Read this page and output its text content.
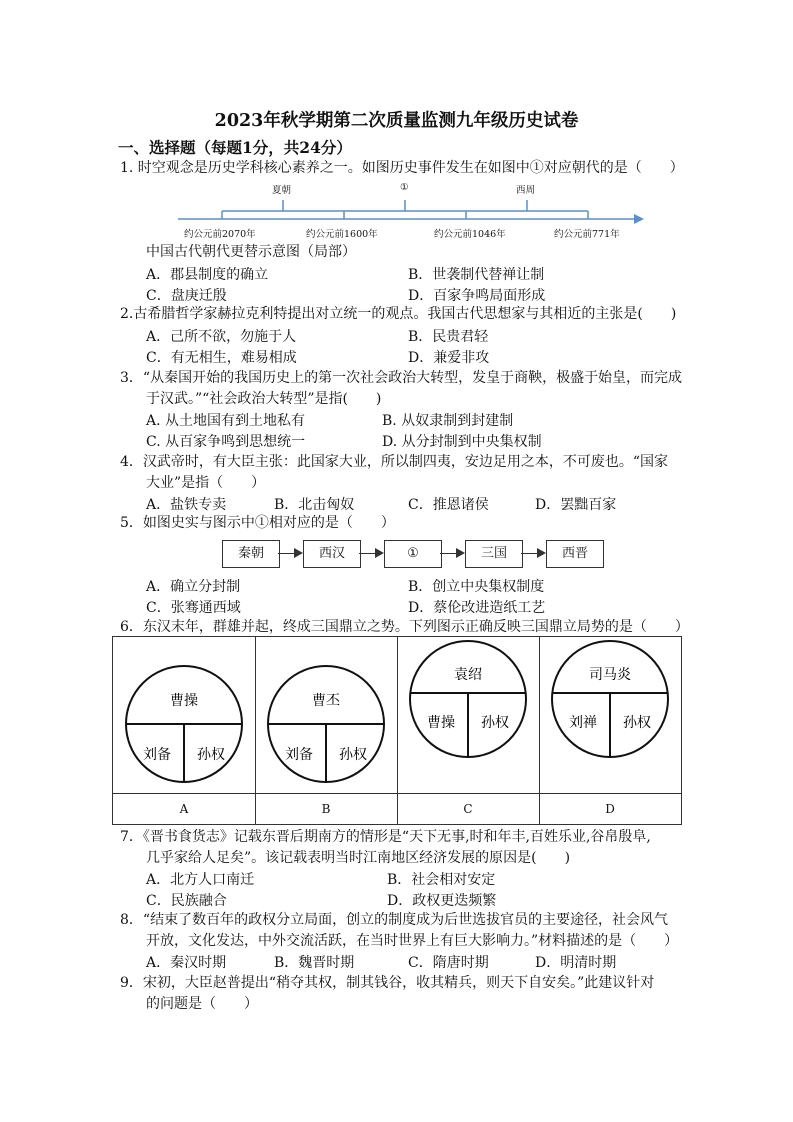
2023年秋学期第二次质量监测九年级历史试卷
一、选择题（每题1分，共24分）
1. 时空观念是历史学科核心素养之一。如图历史事件发生在如图中①对应朝代的是（　　）
夏朝	①	西周
约公元前2070年	约公元前1600年	约公元前1046年	约公元前771年
中国古代朝代更替示意图（局部）
A．郡县制度的确立	B．世袭制代替禅让制
C．盘庚迁殷	D．百家争鸣局面形成
2.古希腊哲学家赫拉克利特提出对立统一的观点。我国古代思想家与其相近的主张是(　　)
A．己所不欲，勿施于人	B．民贵君轻
C．有无相生，难易相成	D．兼爱非攻
3．“从秦国开始的我国历史上的第一次社会政治大转型，发皇于商鞅，极盛于始皇，而完成
于汉武。”“社会政治大转型”是指(　　)
A. 从土地国有到土地私有	B. 从奴隶制到封建制
C. 从百家争鸣到思想统一	D. 从分封制到中央集权制
4．汉武帝时，有大臣主张：此国家大业，所以制四夷，安边足用之本，不可废也。“国家
大业”是指（　　）
A．盐铁专卖	B．北击匈奴	C．推恩诸侯	D．罢黜百家
5．如图史实与图示中①相对应的是（　　）
秦朝	西汉	①	三国	西晋
A．确立分封制	B．创立中央集权制度
C．张骞通西域	D．蔡伦改进造纸工艺
6．东汉末年，群雄并起，终成三国鼎立之势。下列图示正确反映三国鼎立局势的是（　　）
曹操
刘备 孙权
曹丕
刘备 孙权
袁绍
曹操 孙权
司马炎
刘禅 孙权
A	B	C	D
7．《晋书食货志》记载东晋后期南方的情形是“天下无事,时和年丰,百姓乐业,谷帛殷阜,
几乎家给人足矣”。该记载表明当时江南地区经济发展的原因是(　　)
A．北方人口南迁	B．社会相对安定
C．民族融合	D．政权更迭频繁
8．“结束了数百年的政权分立局面，创立的制度成为后世选拔官员的主要途径，社会风气
开放，文化发达，中外交流活跃，在当时世界上有巨大影响力。”材料描述的是（　　）
A．秦汉时期	B．魏晋时期	C．隋唐时期	D．明清时期
9．宋初，大臣赵普提出“稍夺其权，制其钱谷，收其精兵，则天下自安矣。”此建议针对
的问题是（　　）
